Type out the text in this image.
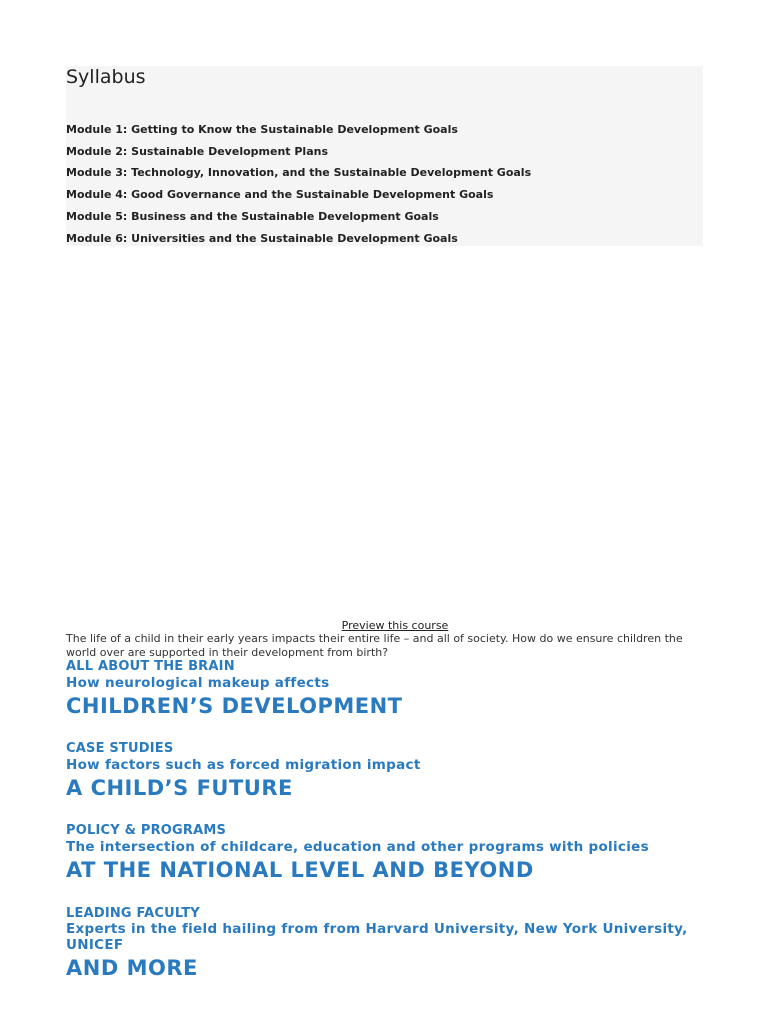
Syllabus
Module 1: Getting to Know the Sustainable Development Goals
Module 2: Sustainable Development Plans
Module 3: Technology, Innovation, and the Sustainable Development Goals
Module 4: Good Governance and the Sustainable Development Goals
Module 5: Business and the Sustainable Development Goals
Module 6: Universities and the Sustainable Development Goals
Preview this course
The life of a child in their early years impacts their entire life – and all of society. How do we ensure children the world over are supported in their development from birth?
ALL ABOUT THE BRAIN
How neurological makeup affects
CHILDREN’S DEVELOPMENT
CASE STUDIES
How factors such as forced migration impact
A CHILD’S FUTURE
POLICY & PROGRAMS
The intersection of childcare, education and other programs with policies
AT THE NATIONAL LEVEL AND BEYOND
LEADING FACULTY
Experts in the field hailing from from Harvard University, New York University, UNICEF
AND MORE
